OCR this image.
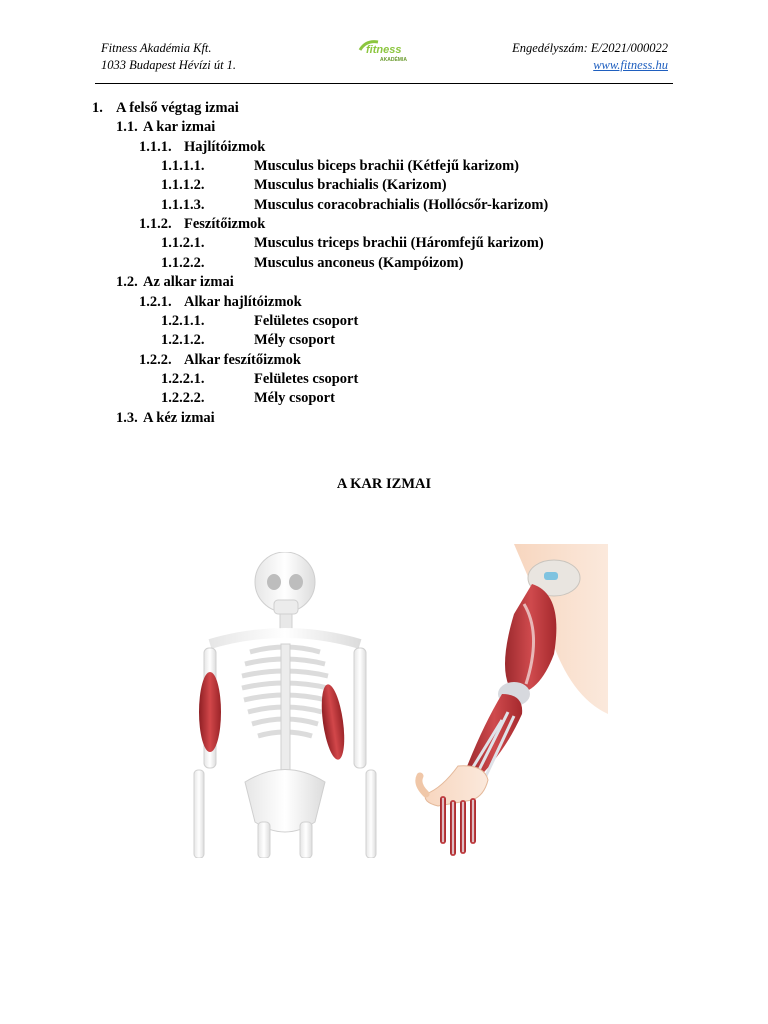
Fitness Akadémia Kft.
1033 Budapest Hévízi út 1.
fitness
AKADÉMIA
Engedélyszám: E/2021/000022
www.fitness.hu
1. A felső végtag izmai
1.1. A kar izmai
1.1.1. Hajlítóizmok
1.1.1.1.	Musculus biceps brachii (Kétfejű karizom)
1.1.1.2.	Musculus brachialis (Karizom)
1.1.1.3.	Musculus coracobrachialis (Hollócsőr-karizom)
1.1.2. Feszítőizmok
1.1.2.1.	Musculus triceps brachii (Háromfejű karizom)
1.1.2.2.	Musculus anconeus (Kampóizom)
1.2. Az alkar izmai
1.2.1. Alkar hajlítóizmok
1.2.1.1.	Felületes csoport
1.2.1.2.	Mély csoport
1.2.2. Alkar feszítőizmok
1.2.2.1.	Felületes csoport
1.2.2.2.	Mély csoport
1.3. A kéz izmai
A KAR IZMAI
